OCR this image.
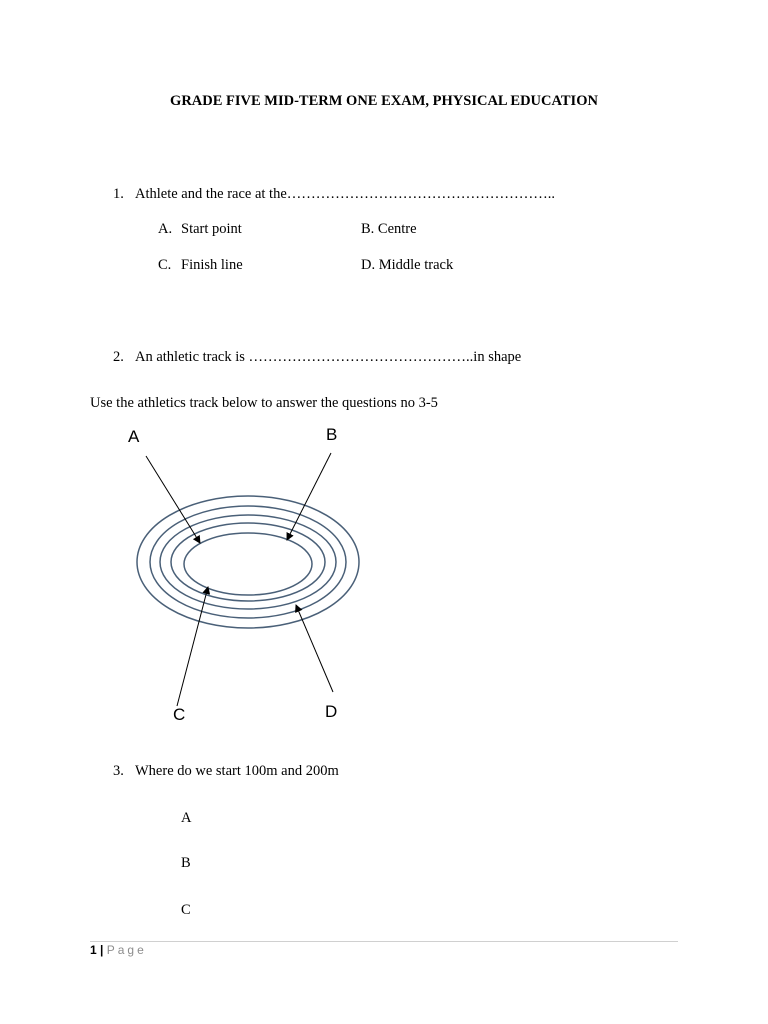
GRADE FIVE MID-TERM ONE EXAM, PHYSICAL EDUCATION
1. Athlete and the race at the………………………………………………..
A. Start point	B. Centre
C. Finish line	D. Middle track
2. An athletic track is ………………………………………..in shape
Use the athletics track below to answer the questions no 3-5
A	B
C	D
3. Where do we start 100m and 200m
A
B
C
1 | Page
